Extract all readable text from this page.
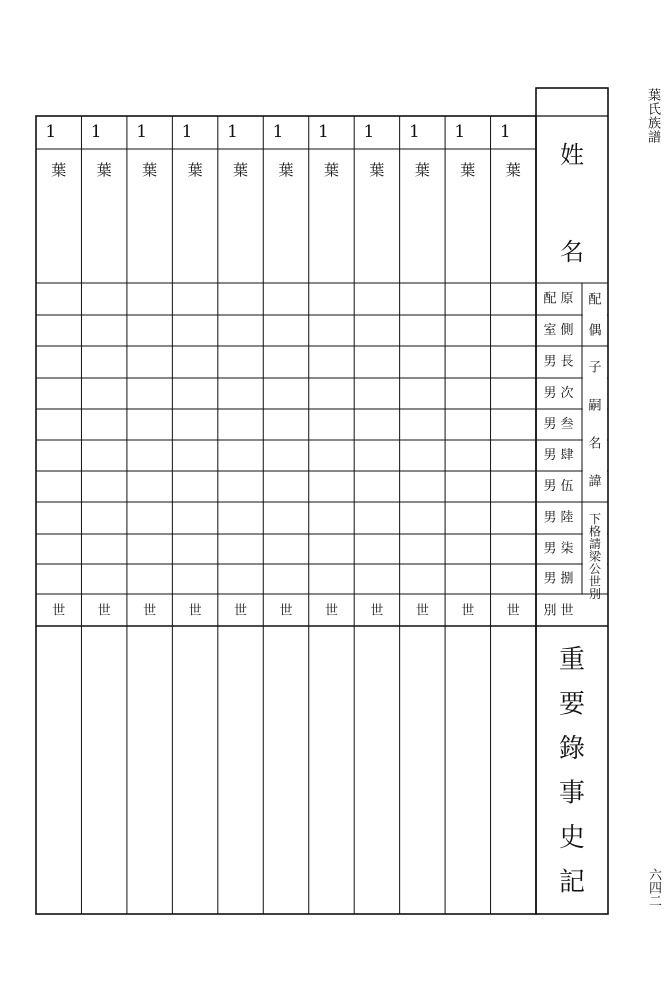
葉氏族譜
六四二
1
葉
世
1
葉
世
1
葉
世
1
葉
世
1
葉
世
1
葉
世
1
葉
世
1
葉
世
1
葉
世
1
葉
世
1
葉
世
姓
名
原
配
側
室
長
男
次
男
叁
男
肆
男
伍
男
陸
男
柒
男
捌
男
世
別
配
偶
子
嗣
名
諱
下
格
請
梁
公
世
別
重
要
錄
事
史
記
